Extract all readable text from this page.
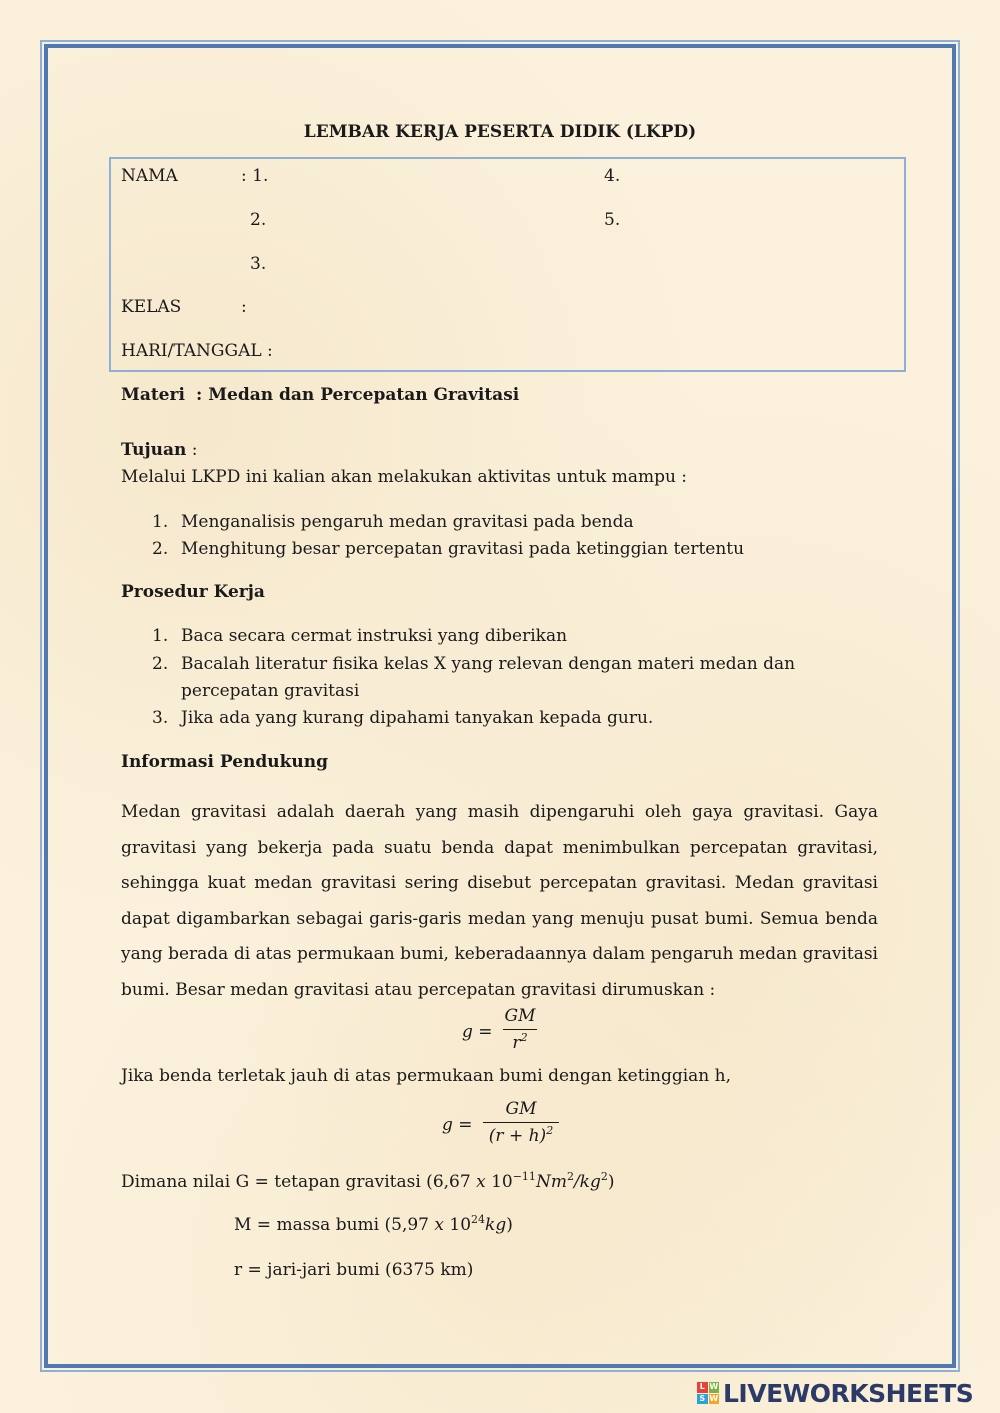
LEMBAR KERJA PESERTA DIDIK (LKPD)
NAMA	: 1.
2.
3.
4.
5.
KELAS	:
HARI/TANGGAL :
Materi : Medan dan Percepatan Gravitasi
Tujuan :
Melalui LKPD ini kalian akan melakukan aktivitas untuk mampu :
1. Menganalisis pengaruh medan gravitasi pada benda
2. Menghitung besar percepatan gravitasi pada ketinggian tertentu
Prosedur Kerja
1. Baca secara cermat instruksi yang diberikan
2. Bacalah literatur fisika kelas X yang relevan dengan materi medan dan
percepatan gravitasi
3. Jika ada yang kurang dipahami tanyakan kepada guru.
Informasi Pendukung

Medan gravitasi adalah daerah yang masih dipengaruhi oleh gaya gravitasi. Gaya gravitasi yang bekerja pada suatu benda dapat menimbulkan percepatan gravitasi, sehingga kuat medan gravitasi sering disebut percepatan gravitasi. Medan gravitasi dapat digambarkan sebagai garis-garis medan yang menuju pusat bumi. Semua benda yang berada di atas permukaan bumi, keberadaannya dalam pengaruh medan gravitasi bumi. Besar medan gravitasi atau percepatan gravitasi dirumuskan :

g =
GM
$r^2$
Jika benda terletak jauh di atas permukaan bumi dengan ketinggian h,
g =
GM
$(r + h)^2$
Dimana nilai G = tetapan gravitasi (6,67 x $10^{-11}Nm^2/kg^2$)
M = massa bumi (5,97 x $10^{24}kg$)
r = jari-jari bumi (6375 km)
L W
S W LIVEWORKSHEETS
